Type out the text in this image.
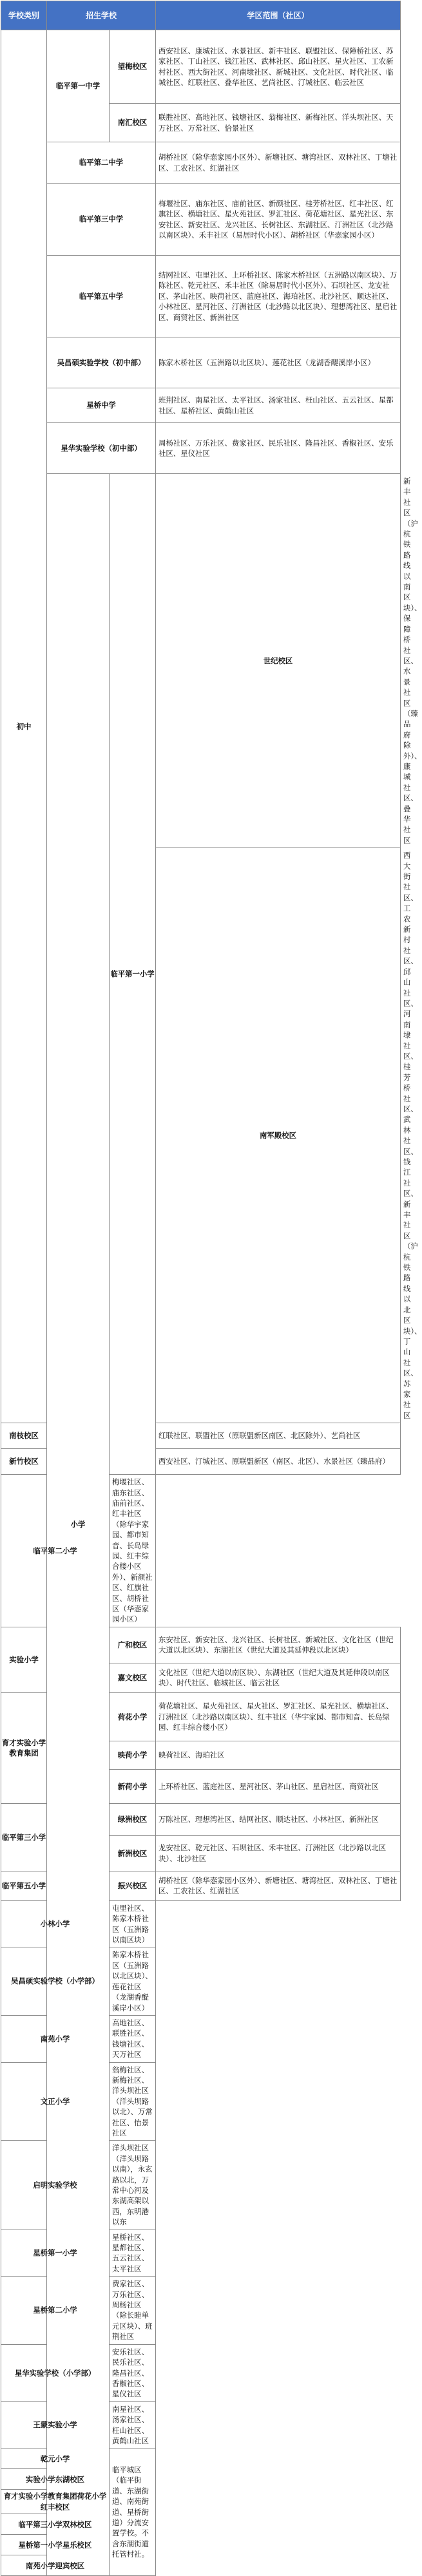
学校类别	招生学校		学区范围（社区）	
初中	临平第一中学	望梅校区	西安社区、康城社区、水景社区、新丰社区、联盟社区、保障桥社区、苏家社区、丁山社区、钱江社区、武林社区、邱山社区、星火社区、工农新村社区、西大街社区、河南埭社区、新城社区、文化社区、时代社区、临城社区、红联社区、叠华社区、艺尚社区、汀城社区、临云社区	
		南汇校区	联胜社区、高地社区、钱塘社区、翁梅社区、新梅社区、洋头坝社区、天万社区、万常社区、恰景社区	
	临平第二中学		胡桥社区（除华悫家园小区外）、新塘社区、塘湾社区、双林社区、丁塘社区、工农社区、红湖社区	
	临平第三中学		梅堰社区、庙东社区、庙前社区、新颜社区、桂芳桥社区、红丰社区、红旗社区、横塘社区、星火苑社区、罗汇社区、荷花塘社区、星光社区、东安社区、新安社区、龙兴社区、长树社区、东湖社区、汀洲社区（北沙路以南区块）、禾丰社区（易居时代小区）、胡桥社区（华悫家园小区）	
	临平第五中学		结网社区、屯里社区、上环桥社区、陈家木桥社区（五洲路以南区块）、万陈社区、乾元社区、禾丰社区（除易居时代小区外）、石坝社区、龙安社区、茅山社区、映荷社区、蓝庭社区、海珀社区、北沙社区、顺达社区、小林社区、星河社区、汀洲社区（北沙路以北区块）、理想湾社区、星启社区、商贸社区、新洲社区	
	吴昌硕实验学校（初中部）		陈家木桥社区（五洲路以北区块）、莲花社区（龙湖香醍溪岸小区）	
	星桥中学		班荆社区、南星社区、太平社区、汤家社区、枉山社区、五云社区、星都社区、星桥社区、黄鹤山社区	
	星华实验学校（初中部）		周杨社区、万乐社区、费家社区、民乐社区、隆昌社区、香椒社区、安乐社区、星仪社区	
	小学	临平第一小学	世纪校区	新丰社区（沪杭铁路线以南区块）、保障桥社区、水景社区（臻品府除外）、康城社区、叠华社区
			南军殿校区	西大街社区、工农新村社区、邱山社区、河南埭社区、桂芳桥社区、武林社区、钱江社区、新丰社区（沪杭铁路线以北区块）、丁山社区、苏家社区
南枝校区			红联社区、联盟社区（原联盟新区南区、北区除外）、艺尚社区	
新竹校区			西安社区、汀城社区、原联盟新区（南区、北区）、水景社区（臻品府）	
临平第二小学		梅堰社区、庙东社区、庙前社区、红丰社区（除华宇家园、都市知音、长岛绿园、红丰综合楼小区外）、新颜社区、红旗社区、胡桥社区（华悫家园小区）		
实验小学		广和校区	东安社区、新安社区、龙兴社区、长树社区、新城社区、文化社区（世纪大道以北区块）、东湖社区（世纪大道及其延伸段以北区块）	
		嘉文校区	文化社区（世纪大道以南区块）、东湖社区（世纪大道及其延伸段以南区块）、时代社区、临城社区、临云社区	
育才实验小学教育集团		荷花小学	荷花塘社区、星火苑社区、星火社区、罗汇社区、星光社区、横塘社区、汀洲社区（北沙路以南区块）、红丰社区（华宇家园、都市知音、长岛绿园、红丰综合楼小区）	
		映荷小学	映荷社区、海珀社区	
		新荷小学	上环桥社区、蓝庭社区、星河社区、茅山社区、星启社区、商贸社区	
临平第三小学		绿洲校区	万陈社区、理想湾社区、结网社区、顺达社区、小林社区、新洲社区	
		新洲校区	龙安社区、乾元社区、石坝社区、禾丰社区、汀洲社区（北沙路以北区块）、北沙社区	
临平第五小学		振兴校区	胡桥社区（除华悫家园小区外）、新塘社区、塘湾社区、双林社区、丁塘社区、工农社区、红湖社区	
小林小学		屯里社区、陈家木桥社区（五洲路以南区块）		
吴昌硕实验学校（小学部）		陈家木桥社区（五洲路以北区块）、莲花社区（龙湖香醍溪岸小区）		
南苑小学		高地社区、联胜社区、钱塘社区、天万社区		
文正小学		翁梅社区、新梅社区、洋头坝社区（洋头坝路以北）、万常社区、怡景社区		
启明实验学校		洋头坝社区（洋头坝路以南），永玄路以北，万常中心河及东湖高架以西，东明港以东		
星桥第一小学		星桥社区、星都社区、五云社区、太平社区		
星桥第二小学		费家社区、万乐社区、周杨社区（除长睦单元区块）、班荆社区		
星华实验学校（小学部）		安乐社区、民乐社区、隆昌社区、香椒社区、星仪社区		
王蒙实验小学		南星社区、汤家社区、枉山社区、黄鹤山社区		
乾元小学		临平城区（临平街道、东湖街道、南苑街道、星桥街道）分流安置学校。不含东湖街道托管村社。		
实验小学东湖校区				
育才实验小学教育集团荷花小学红丰校区				
临平第三小学双林校区				
星桥第一小学星乐校区				
南苑小学迎宾校区				
